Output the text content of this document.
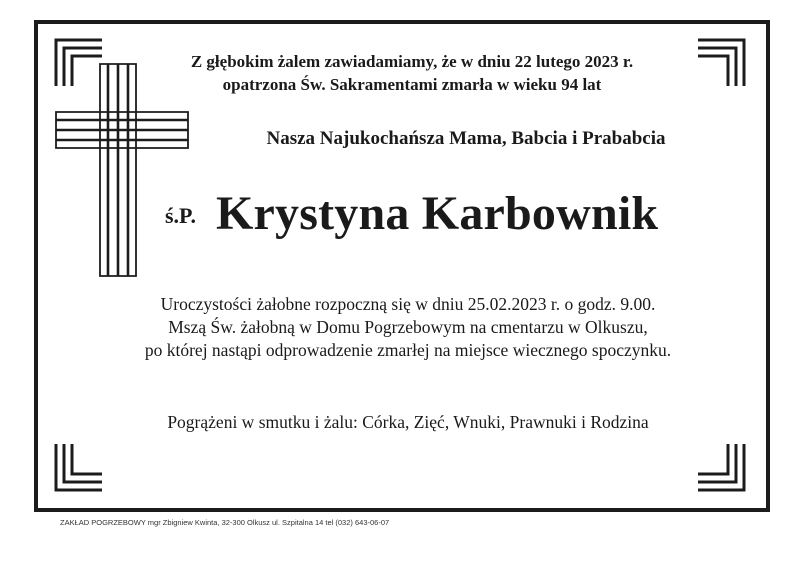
Z głębokim żalem zawiadamiamy, że w dniu 22 lutego 2023 r.
opatrzona Św. Sakramentami zmarła w wieku 94 lat
Nasza Najukochańsza Mama, Babcia i Prababcia
ś.P. Krystyna Karbownik
Uroczystości żałobne rozpoczną się w dniu 25.02.2023 r. o godz. 9.00.
Mszą Św. żałobną w Domu Pogrzebowym na cmentarzu w Olkuszu,
po której nastąpi odprowadzenie zmarłej na miejsce wiecznego spoczynku.
Pogrążeni w smutku i żalu: Córka, Zięć, Wnuki, Prawnuki i Rodzina
ZAKŁAD POGRZEBOWY mgr Zbigniew Kwinta, 32-300 Olkusz ul. Szpitalna 14 tel (032) 643-06-07
